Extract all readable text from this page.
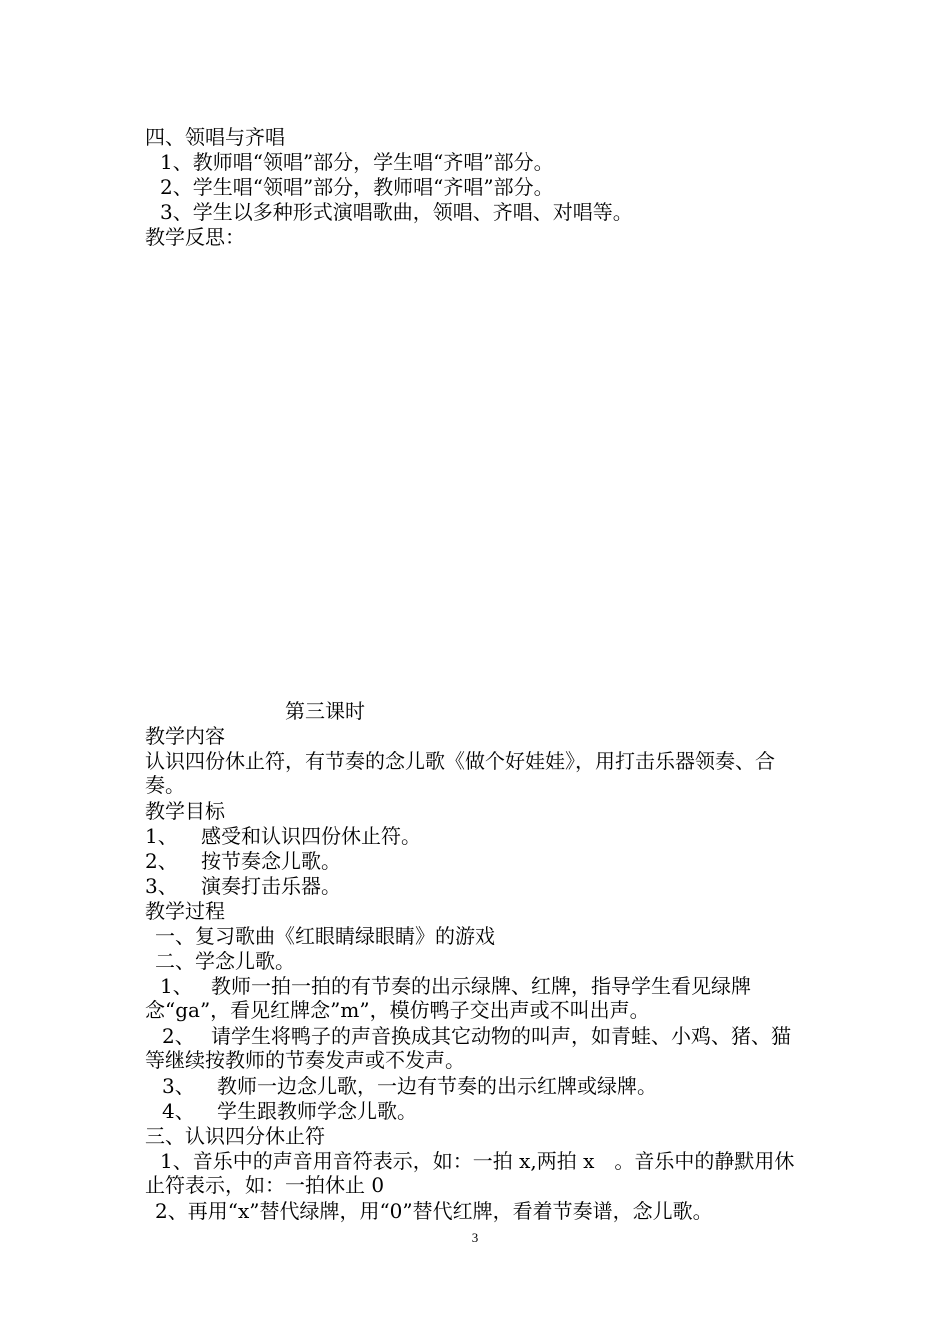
四、领唱与齐唱
1、教师唱“领唱”部分，学生唱“齐唱”部分。
2、学生唱“领唱”部分，教师唱“齐唱”部分。
3、学生以多种形式演唱歌曲，领唱、齐唱、对唱等。
教学反思：
第三课时
教学内容
认识四份休止符，有节奏的念儿歌《做个好娃娃》，用打击乐器领奏、合奏。
教学目标
1、 感受和认识四份休止符。
2、 按节奏念儿歌。
3、 演奏打击乐器。
教学过程
一、复习歌曲《红眼睛绿眼睛》的游戏
二、学念儿歌。
1、 教师一拍一拍的有节奏的出示绿牌、红牌，指导学生看见绿牌念“ga”，看见红牌念”m”，模仿鸭子交出声或不叫出声。
2、 请学生将鸭子的声音换成其它动物的叫声，如青蛙、小鸡、猪、猫等继续按教师的节奏发声或不发声。
3、 教师一边念儿歌，一边有节奏的出示红牌或绿牌。
4、 学生跟教师学念儿歌。
三、认识四分休止符
1、音乐中的声音用音符表示，如：一拍 x,两拍 x　。音乐中的静默用休止符表示，如：一拍休止 0
2、再用“x”替代绿牌，用“0”替代红牌，看着节奏谱，念儿歌。
3
